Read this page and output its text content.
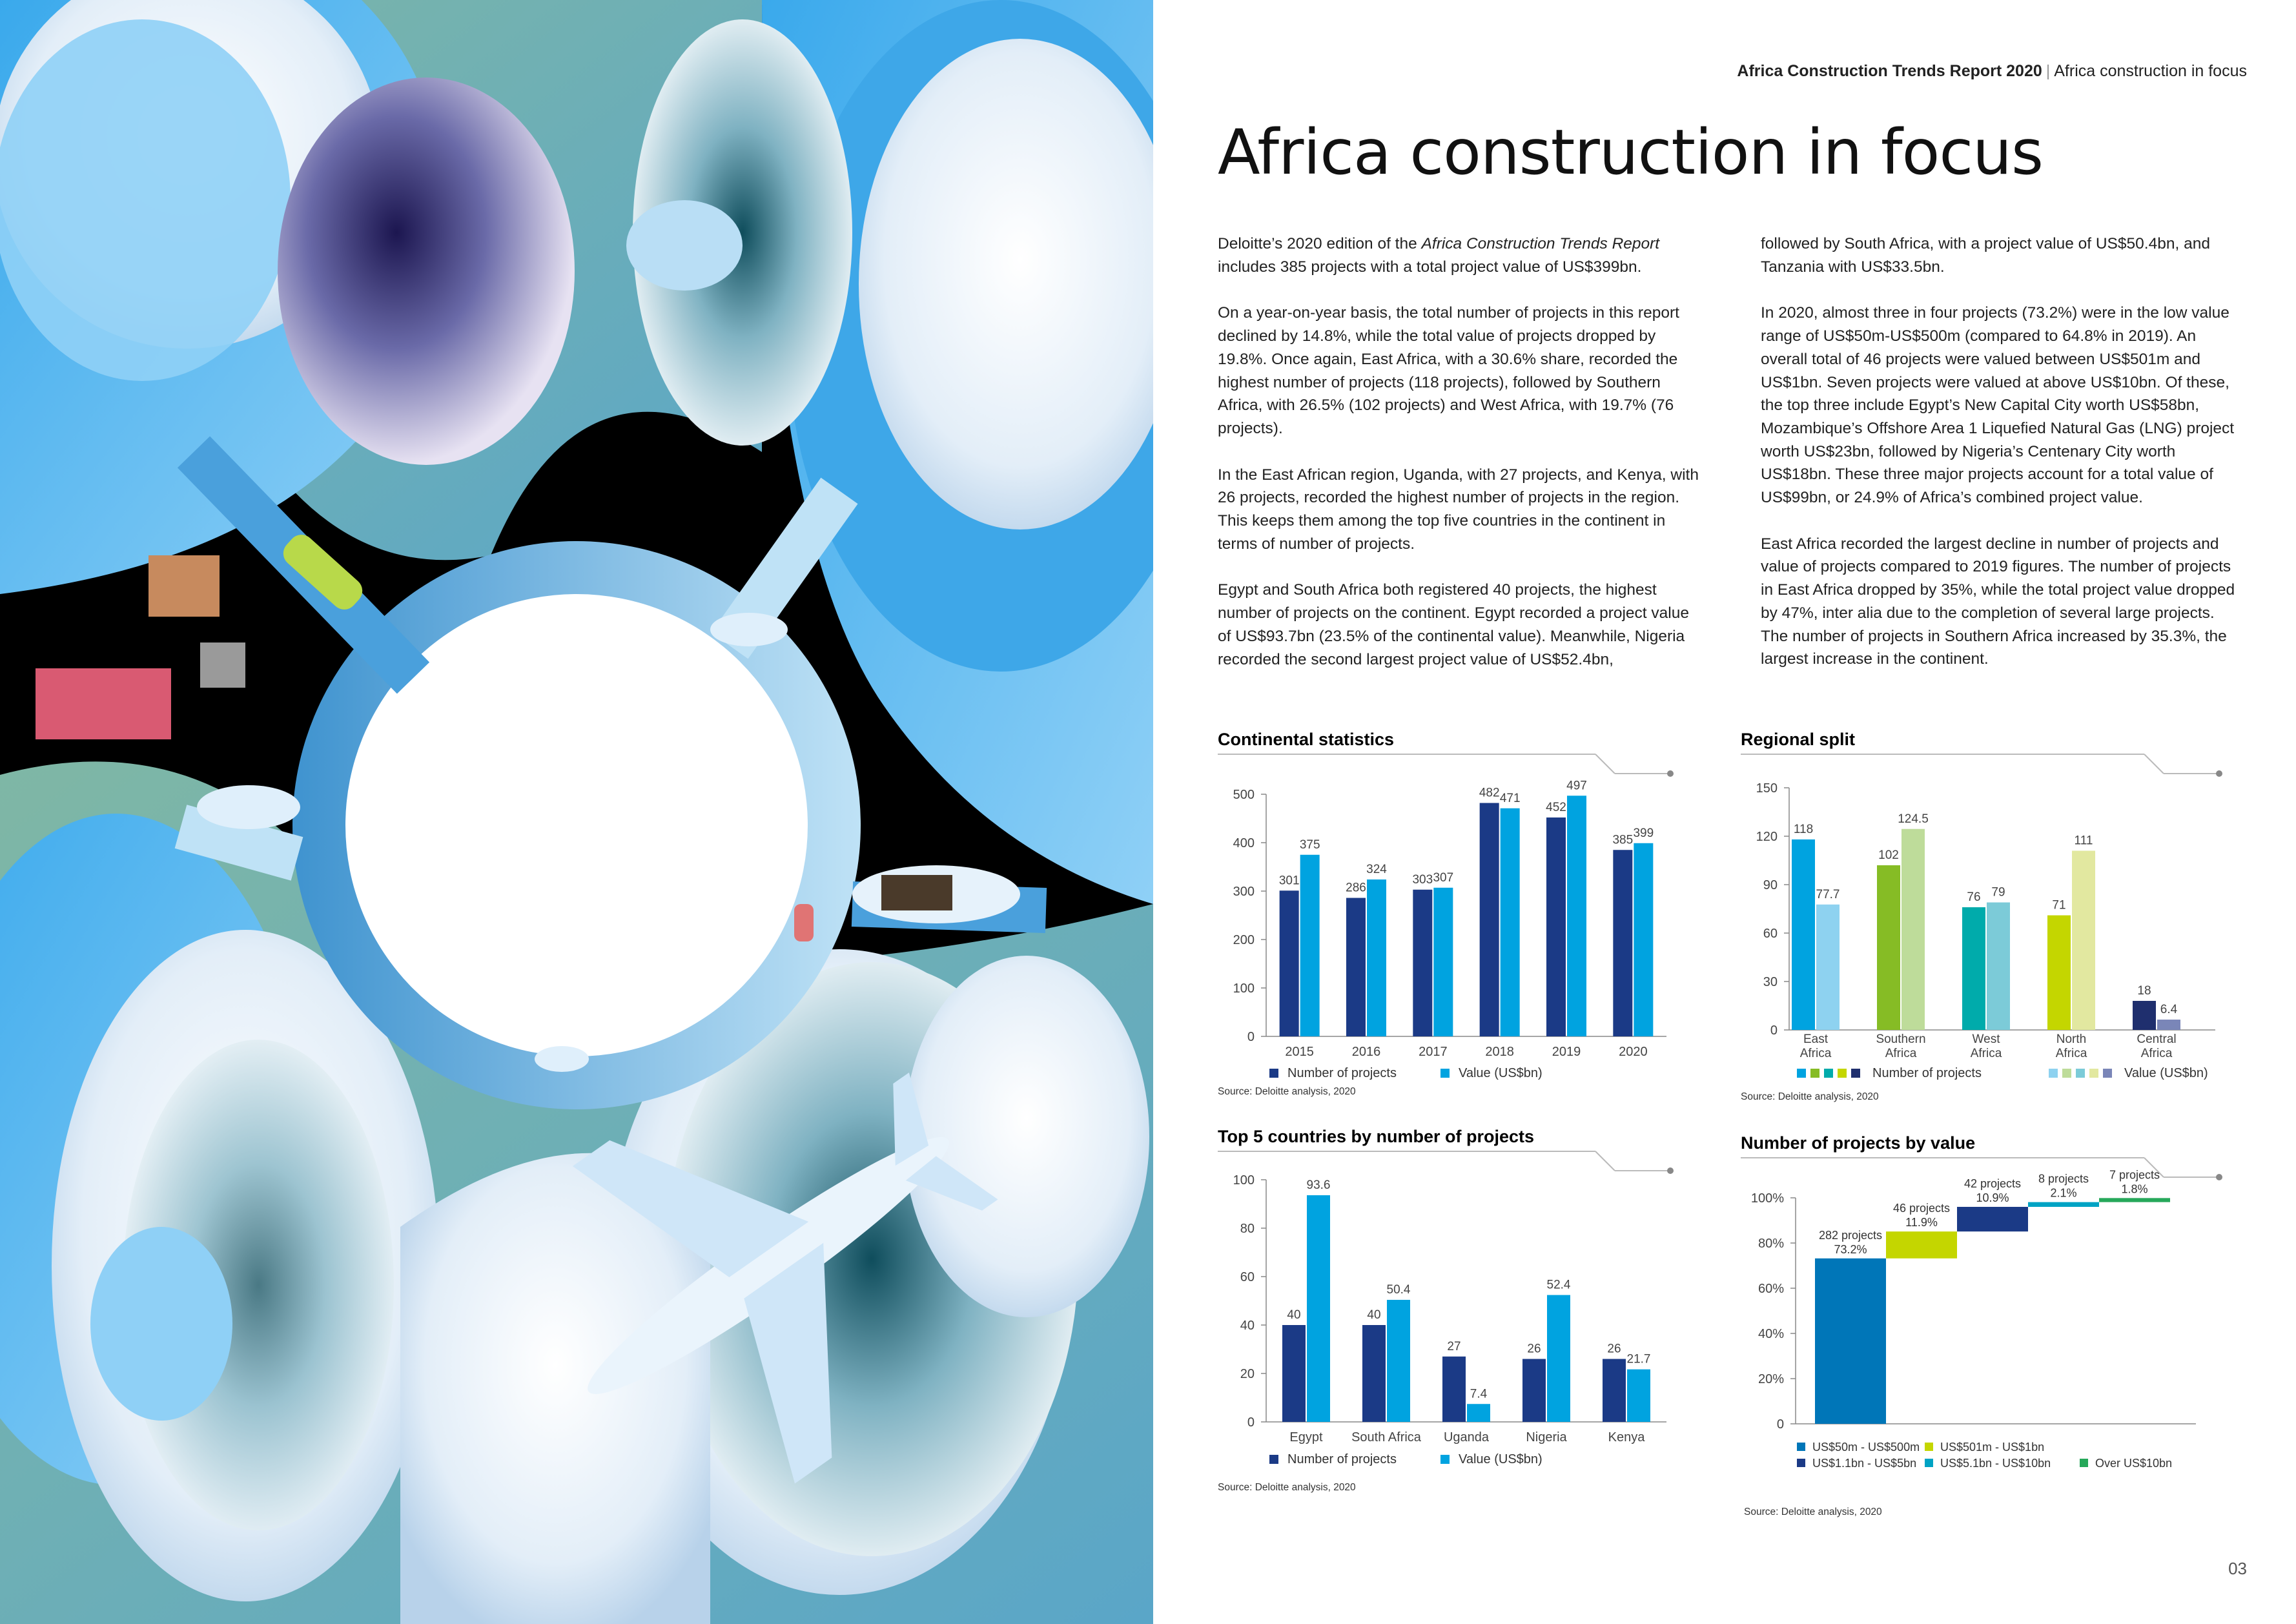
Africa Construction Trends Report 2020 | Africa construction in focus
Africa construction in focus

Deloitte’s 2020 edition of the Africa Construction Trends Report includes 385 projects with a total project value of US$399bn.

On a year-on-year basis, the total number of projects in this report declined by 14.8%, while the total value of projects dropped by 19.8%. Once again, East Africa, with a 30.6% share, recorded the highest number of projects (118 projects), followed by Southern Africa, with 26.5% (102 projects) and West Africa, with 19.7% (76 projects).

In the East African region, Uganda, with 27 projects, and Kenya, with 26 projects, recorded the highest number of projects in the region. This keeps them among the top five countries in the continent in terms of number of projects.

Egypt and South Africa both registered 40 projects, the highest number of projects on the continent. Egypt recorded a project value of US$93.7bn (23.5% of the continental value). Meanwhile, Nigeria recorded the second largest project value of US$52.4bn,

followed by South Africa, with a project value of US$50.4bn, and Tanzania with US$33.5bn.

In 2020, almost three in four projects (73.2%) were in the low value range of US$50m-US$500m (compared to 64.8% in 2019). An overall total of 46 projects were valued between US$501m and US$1bn. Seven projects were valued at above US$10bn. Of these, the top three include Egypt’s New Capital City worth US$58bn, Mozambique’s Offshore Area 1 Liquefied Natural Gas (LNG) project worth US$23bn, followed by Nigeria’s Centenary City worth US$18bn. These three major projects account for a total value of US$99bn, or 24.9% of Africa’s combined project value.

East Africa recorded the largest decline in number of projects and value of projects compared to 2019 figures. The number of projects in East Africa dropped by 35%, while the total project value dropped by 47%, inter alia due to the completion of several large projects. The number of projects in Southern Africa increased by 35.3%, the largest increase in the continent.

Continental statistics
0
100
200
300
400
500
301
375
2015
286
324
2016
303 307
2017
482 471
2018
452
497
2019
385 399
2020
Number of projects	Value (US$bn)
Source: Deloitte analysis, 2020
Regional split
0
30
60
90
120
150
118
77.7
East
Africa
102
124.5
Southern
Africa
76 79
West
Africa
71
111
North
Africa
18
6.4
Central
Africa
Number of projects	Value (US$bn)
Source: Deloitte analysis, 2020
Top 5 countries by number of projects
0
20
40
60
80
100
40
93.6
Egypt
40
50.4
South Africa
27
7.4
Uganda
26
52.4
Nigeria
26
21.7
Kenya
Number of projects	Value (US$bn)
Source: Deloitte analysis, 2020
Number of projects by value
0
20%
40%
60%
80%
100%
282 projects
73.2%
46 projects
11.9%
42 projects
10.9%
8 projects
2.1%
7 projects
1.8%
US$50m - US$500m US$501m - US$1bn
US$1.1bn - US$5bn US$5.1bn - US$10bn	Over US$10bn
Source: Deloitte analysis, 2020
03
